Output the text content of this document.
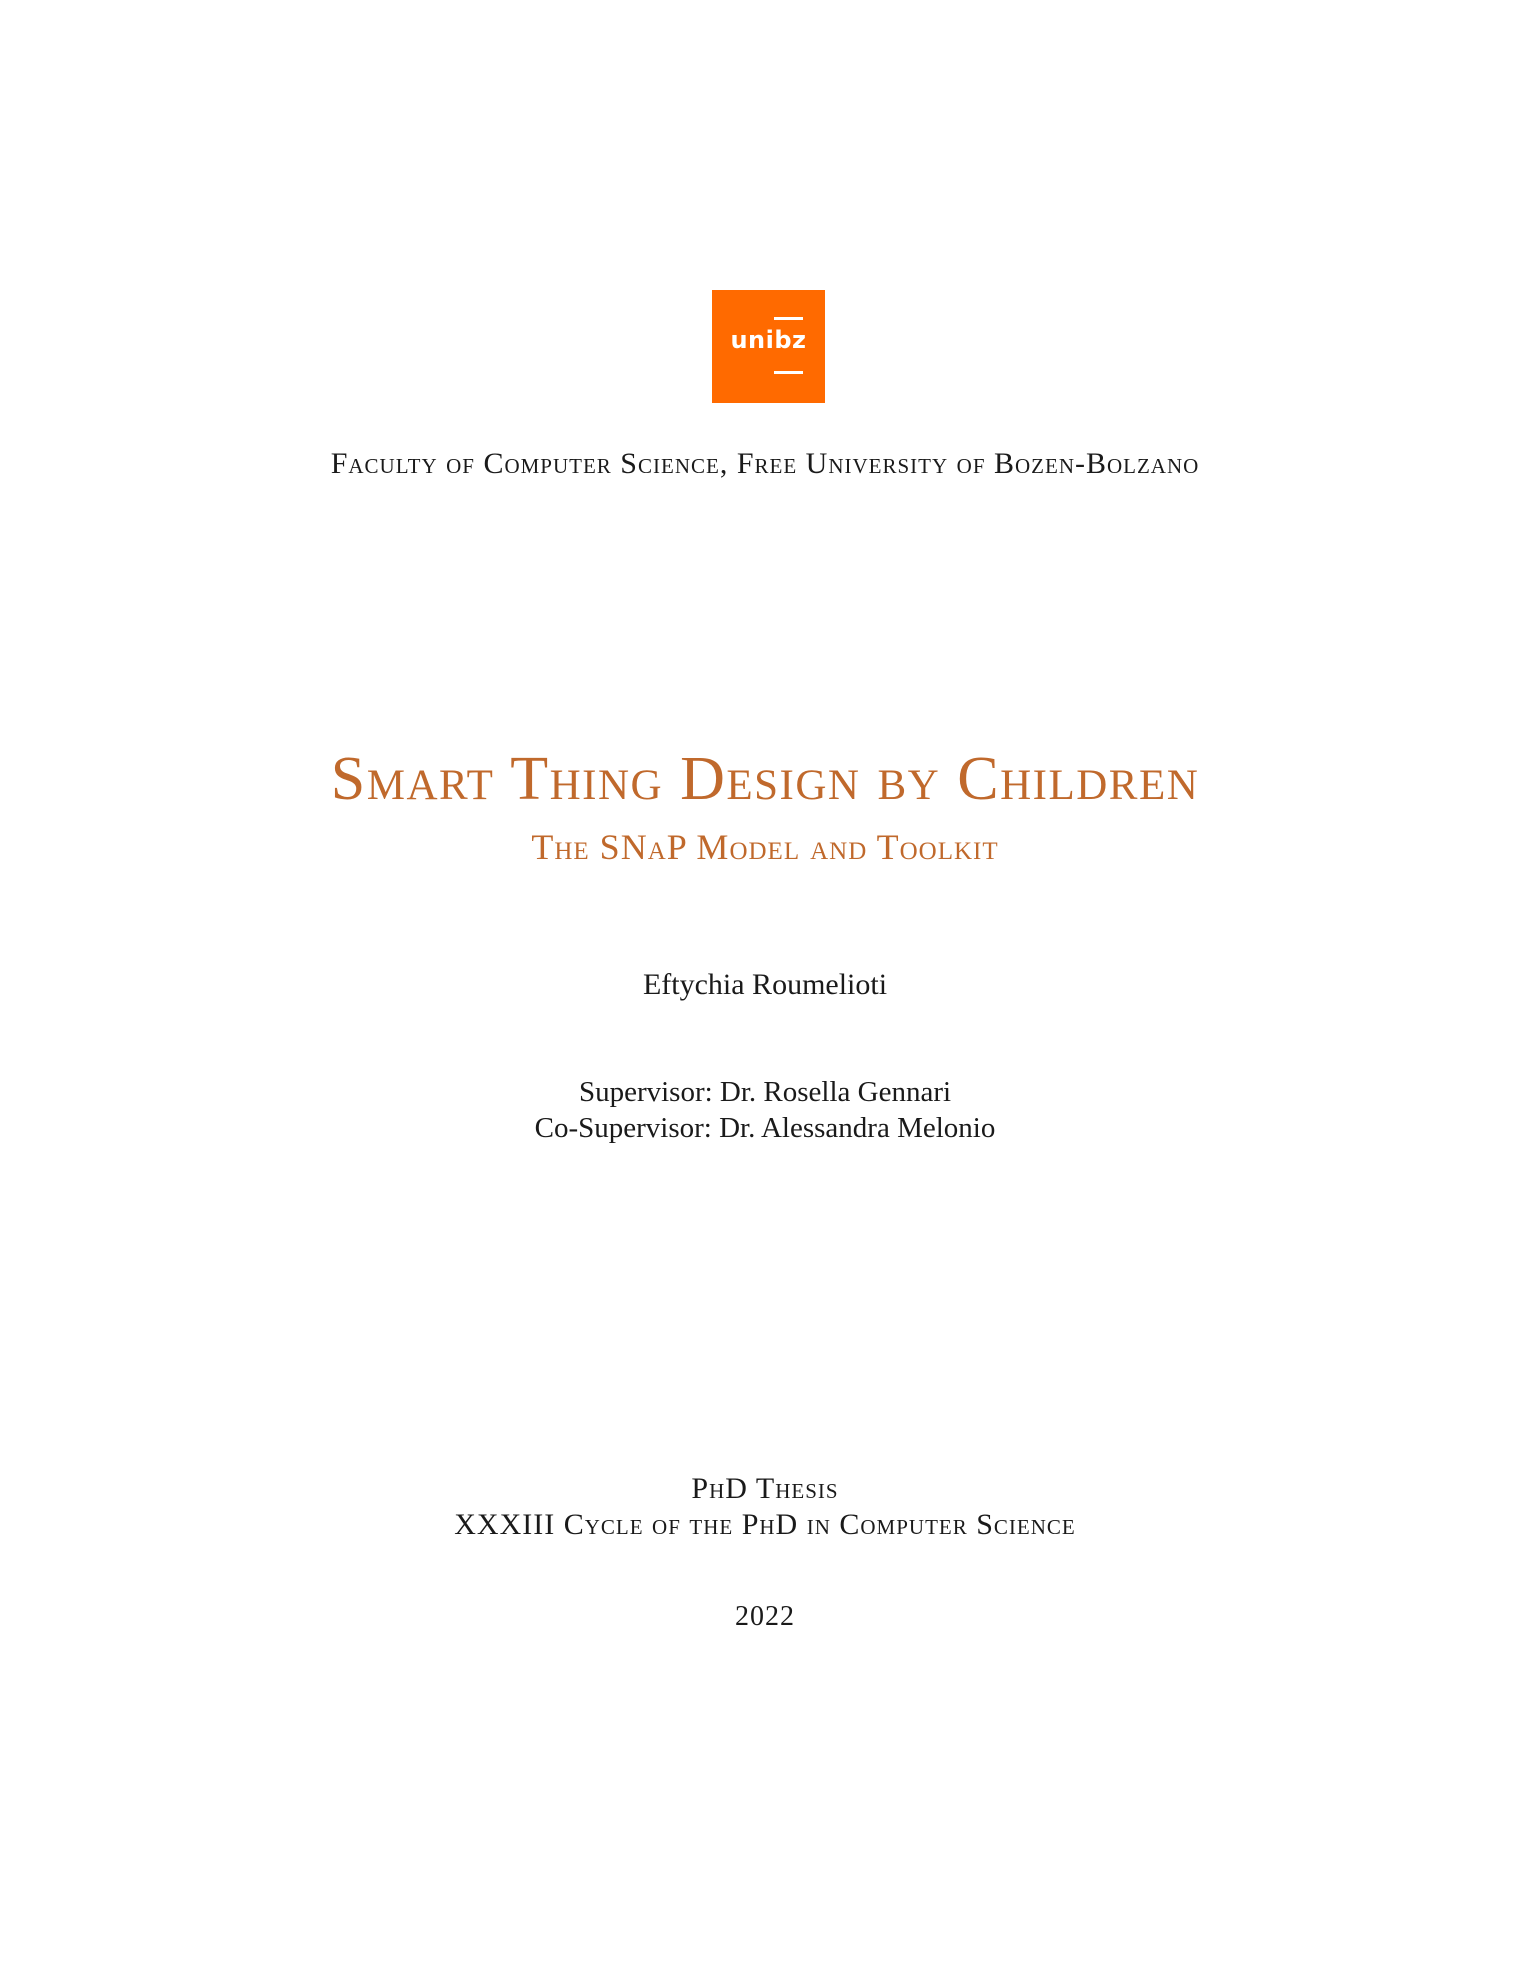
unibz
Faculty of Computer Science, Free University of Bozen-Bolzano
Smart Thing Design by Children
The SNaP Model and Toolkit
Eftychia Roumelioti
Supervisor: Dr. Rosella Gennari
Co-Supervisor: Dr. Alessandra Melonio
PhD Thesis
XXXIII Cycle of the PhD in Computer Science
2022
